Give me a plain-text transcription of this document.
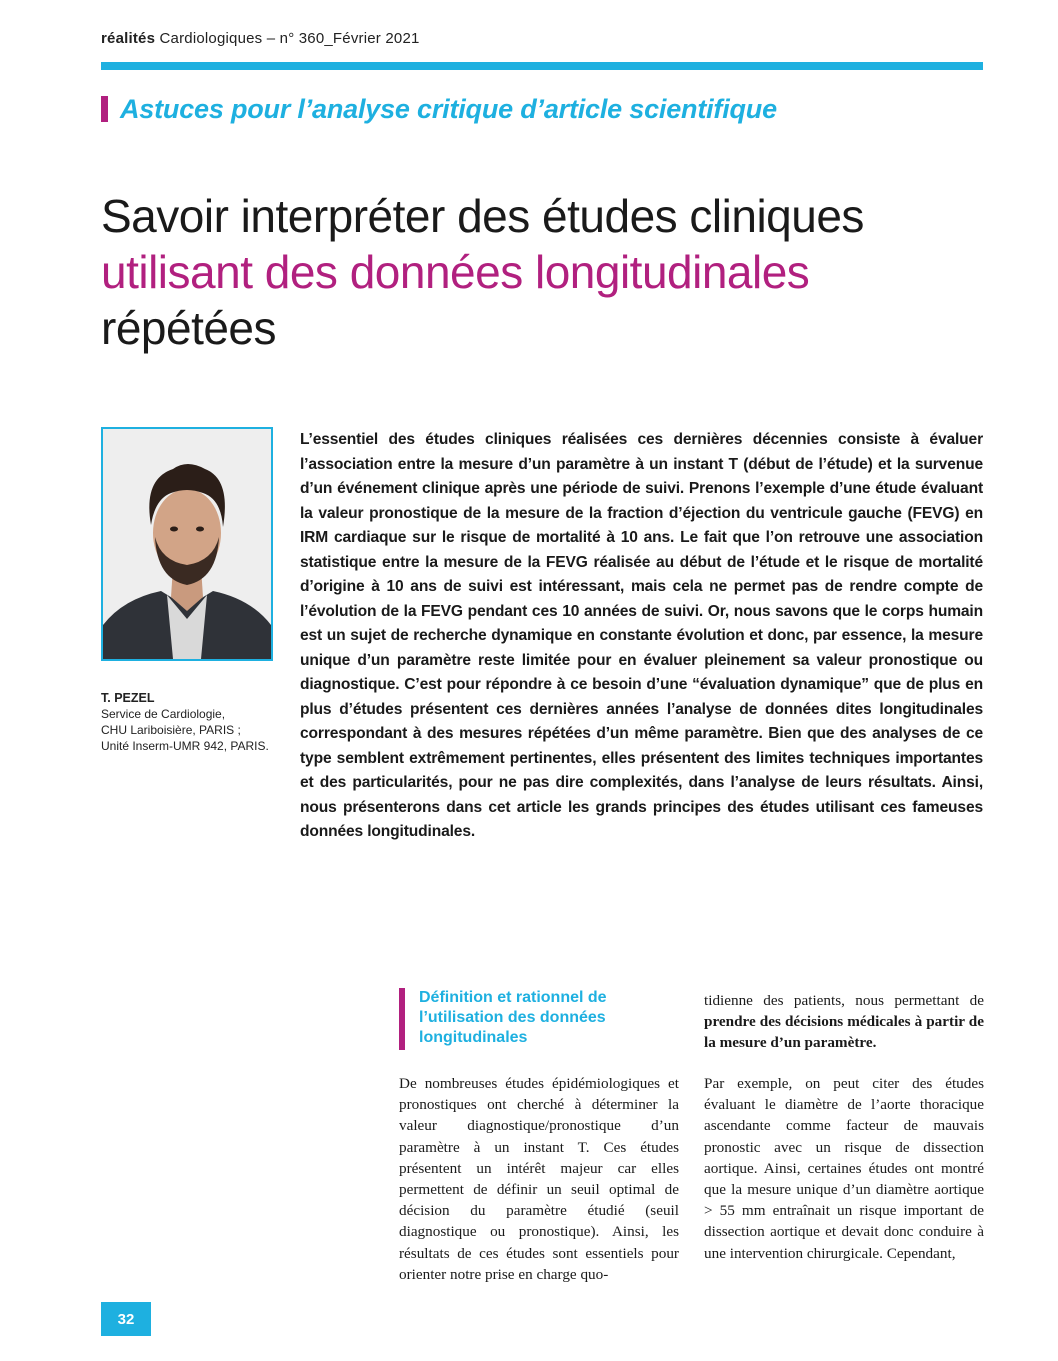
réalités Cardiologiques – n° 360_Février 2021
Astuces pour l’analyse critique d’article scientifique
Savoir interpréter des études cliniques
utilisant des données longitudinales
répétées
T. PEZEL
Service de Cardiologie,
CHU Lariboisière, PARIS ;
Unité Inserm-UMR 942, PARIS.

L’essentiel des études cliniques réalisées ces dernières décennies consiste à évaluer l’association entre la mesure d’un paramètre à un instant T (début de l’étude) et la survenue d’un événement clinique après une période de suivi. Prenons l’exemple d’une étude évaluant la valeur pronostique de la mesure de la fraction d’éjection du ventricule gauche (FEVG) en IRM cardiaque sur le risque de mortalité à 10 ans. Le fait que l’on retrouve une association statistique entre la mesure de la FEVG réalisée au début de l’étude et le risque de mortalité d’origine à 10 ans de suivi est intéressant, mais cela ne permet pas de rendre compte de l’évolution de la FEVG pendant ces 10 années de suivi. Or, nous savons que le corps humain est un sujet de recherche dynamique en constante évolution et donc, par essence, la mesure unique d’un paramètre reste limitée pour en évaluer pleinement sa valeur pronostique ou diagnostique. C’est pour répondre à ce besoin d’une “évaluation dynamique” que de plus en plus d’études présentent ces dernières années l’analyse de données dites longitudinales correspondant à des mesures répétées d’un même paramètre. Bien que des analyses de ce type semblent extrêmement pertinentes, elles présentent des limites techniques importantes et des particularités, pour ne pas dire complexités, dans l’analyse de leurs résultats. Ainsi, nous présenterons dans cet article les grands principes des études utilisant ces fameuses données longitudinales.

Définition et rationnel de l’utilisation des données longitudinales

tidienne des patients, nous permettant de prendre des décisions médicales à partir de la mesure d’un paramètre.

De nombreuses études épidémiologiques et pronostiques ont cherché à déterminer la valeur diagnostique/pronostique d’un paramètre à un instant T. Ces études présentent un intérêt majeur car elles permettent de définir un seuil optimal de décision du paramètre étudié (seuil diagnostique ou pronostique). Ainsi, les résultats de ces études sont essentiels pour orienter notre prise en charge quo-

Par exemple, on peut citer des études évaluant le diamètre de l’aorte thoracique ascendante comme facteur de mauvais pronostic avec un risque de dissection aortique. Ainsi, certaines études ont montré que la mesure unique d’un diamètre aortique > 55 mm entraînait un risque important de dissection aortique et devait donc conduire à une intervention chirurgicale. Cependant,

32
